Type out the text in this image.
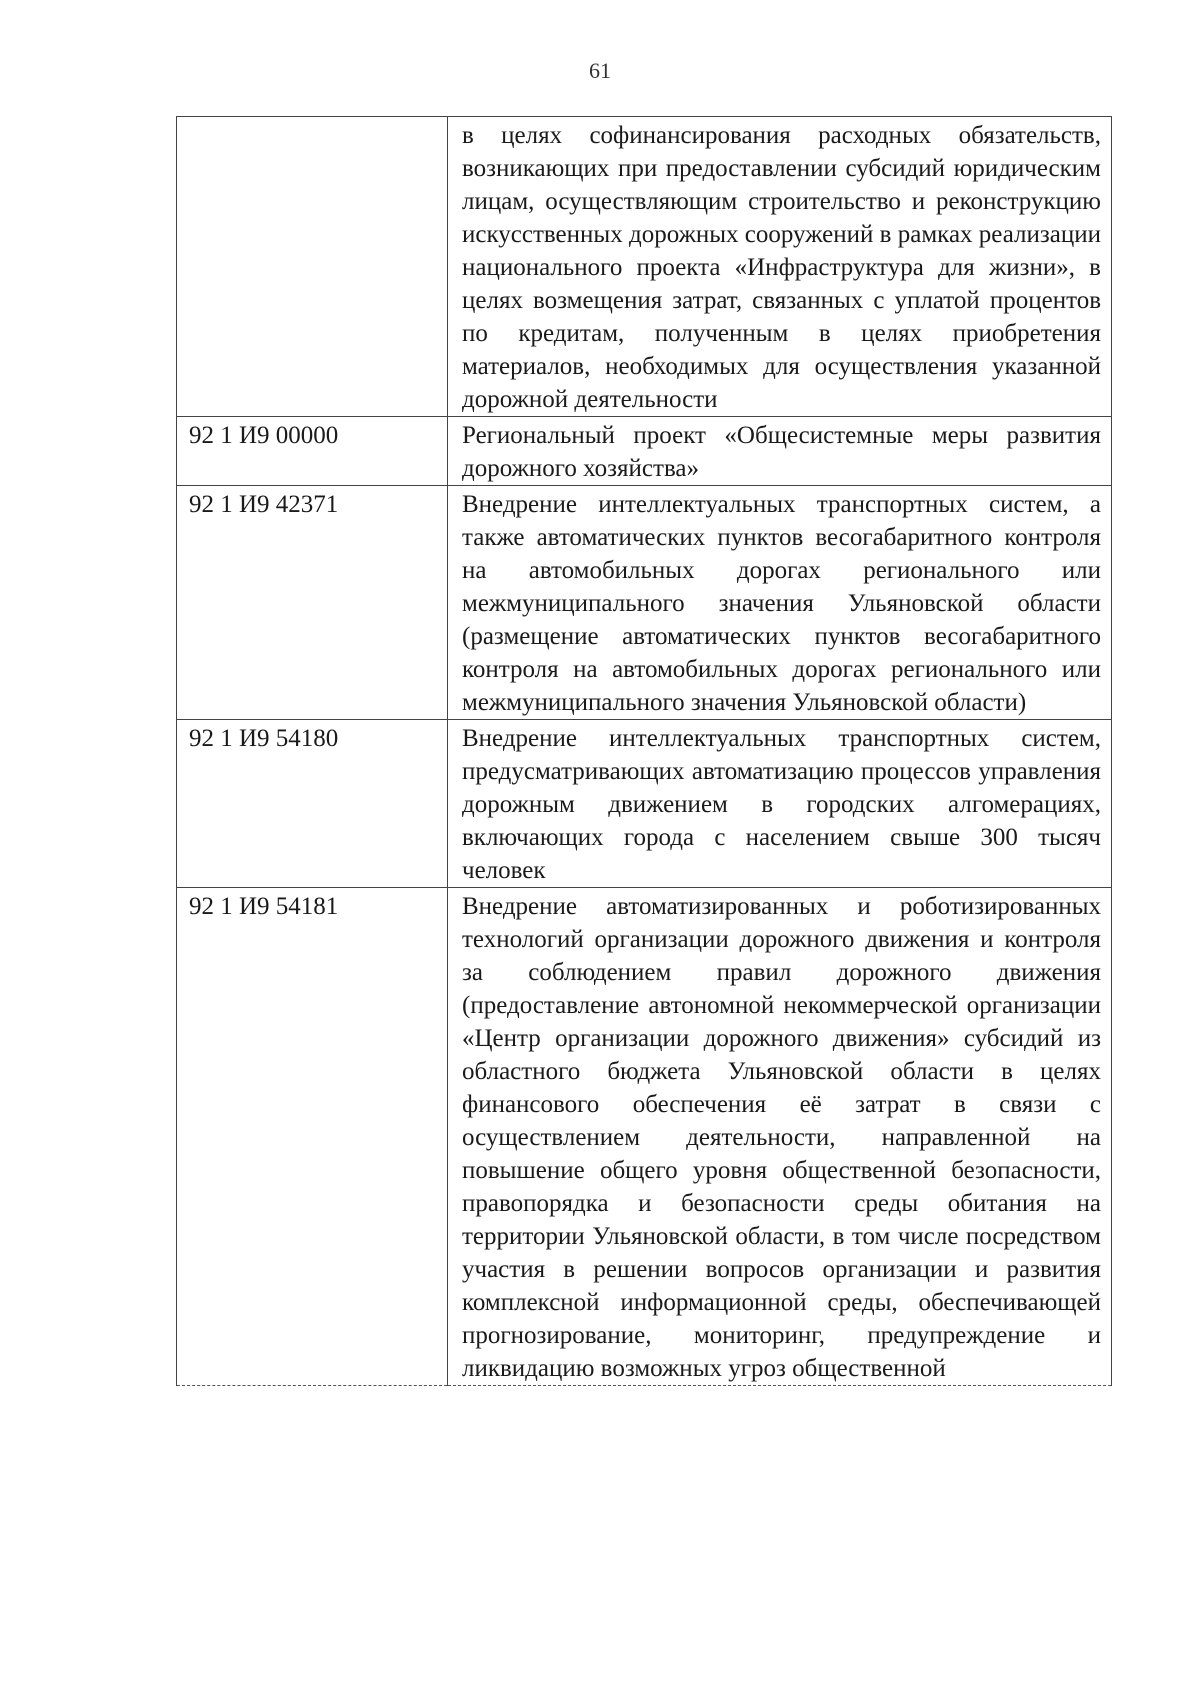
61
	в целях софинансирования расходных обязательств, возникающих при предоставлении субсидий юридическим лицам, осуществляющим строительство и реконструкцию искусственных дорожных сооружений в рамках реализации национального проекта «Инфраструктура для жизни», в целях возмещения затрат, связанных с уплатой процентов по кредитам, полученным в целях приобретения материалов, необходимых для осуществления указанной дорожной деятельности
92 1 И9 00000	Региональный проект «Общесистемные меры развития дорожного хозяйства»
92 1 И9 42371	Внедрение интеллектуальных транспортных систем, а также автоматических пунктов весогабаритного контроля на автомобильных дорогах регионального или межмуниципального значения Ульяновской области (размещение автоматических пунктов весогабаритного контроля на автомобильных дорогах регионального или межмуниципального значения Ульяновской области)
92 1 И9 54180	Внедрение интеллектуальных транспортных систем, предусматривающих автоматизацию процессов управления дорожным движением в городских алгомерациях, включающих города с населением свыше 300 тысяч человек
92 1 И9 54181	Внедрение автоматизированных и роботизированных технологий организации дорожного движения и контроля за соблюдением правил дорожного движения (предоставление автономной некоммерческой организации «Центр организации дорожного движения» субсидий из областного бюджета Ульяновской области в целях финансового обеспечения её затрат в связи с осуществлением деятельности, направленной на повышение общего уровня общественной безопасности, правопорядка и безопасности среды обитания на территории Ульяновской области, в том числе посредством участия в решении вопросов организации и развития комплексной информационной среды, обеспечивающей прогнозирование, мониторинг, предупреждение и ликвидацию возможных угроз общественной
